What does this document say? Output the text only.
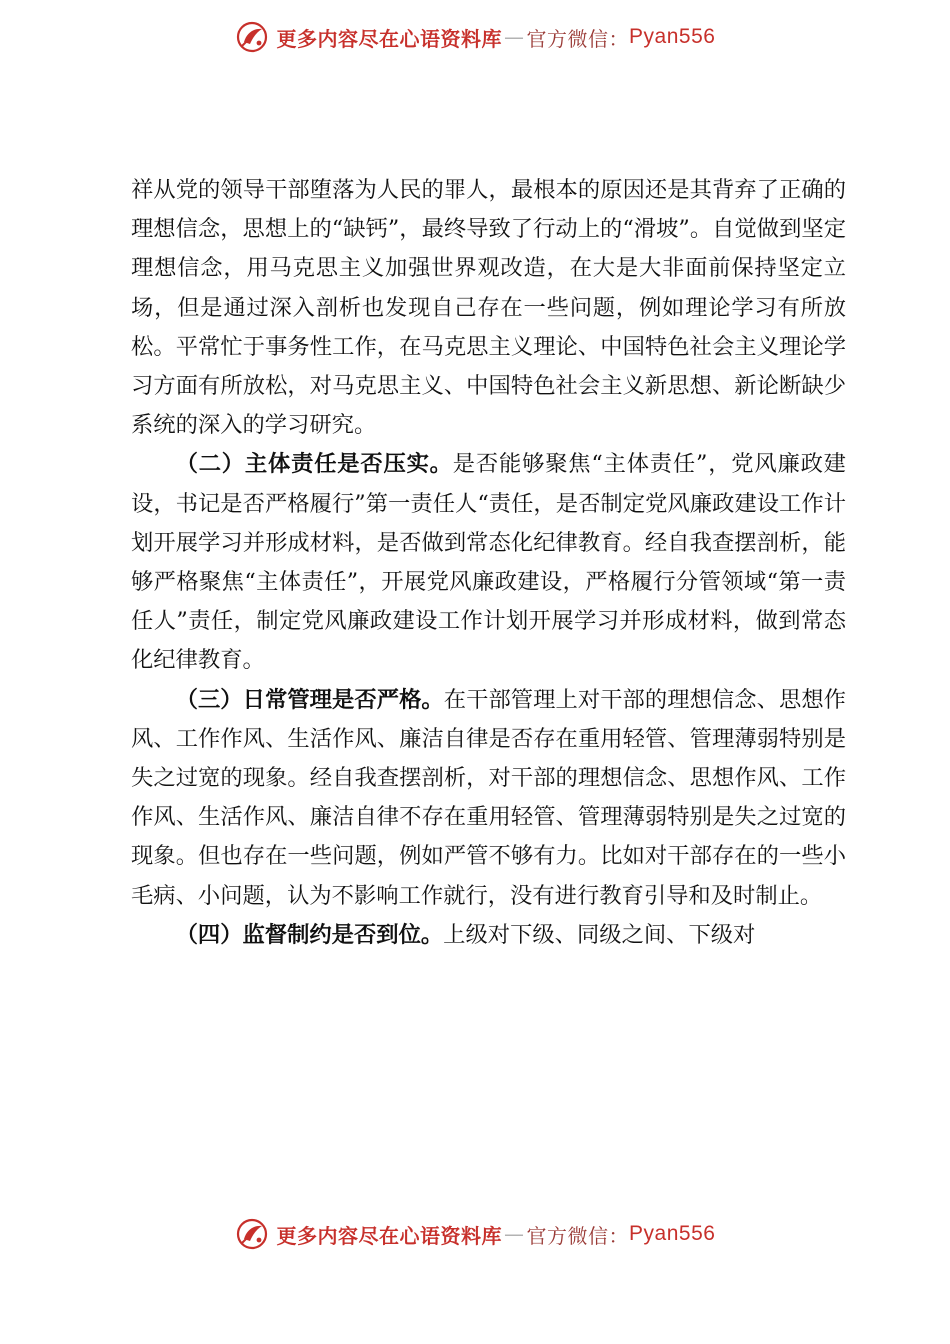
更多内容尽在心语资料库 — 官方微信： Pyan556

祥从党的领导干部堕落为人民的罪人，最根本的原因还是其背弃了正确的理想信念，思想上的“缺钙”，最终导致了行动上的“滑坡”。自觉做到坚定理想信念，用马克思主义加强世界观改造，在大是大非面前保持坚定立场，但是通过深入剖析也发现自己存在一些问题，例如理论学习有所放松。平常忙于事务性工作，在马克思主义理论、中国特色社会主义理论学习方面有所放松，对马克思主义、中国特色社会主义新思想、新论断缺少系统的深入的学习研究。

（二）主体责任是否压实。是否能够聚焦“主体责任”，党风廉政建设，书记是否严格履行”第一责任人“责任，是否制定党风廉政建设工作计划开展学习并形成材料，是否做到常态化纪律教育。经自我查摆剖析，能够严格聚焦“主体责任”，开展党风廉政建设，严格履行分管领域“第一责任人”责任，制定党风廉政建设工作计划开展学习并形成材料，做到常态化纪律教育。

（三）日常管理是否严格。在干部管理上对干部的理想信念、思想作风、工作作风、生活作风、廉洁自律是否存在重用轻管、管理薄弱特别是失之过宽的现象。经自我查摆剖析，对干部的理想信念、思想作风、工作作风、生活作风、廉洁自律不存在重用轻管、管理薄弱特别是失之过宽的现象。但也存在一些问题，例如严管不够有力。比如对干部存在的一些小毛病、小问题，认为不影响工作就行，没有进行教育引导和及时制止。

（四）监督制约是否到位。上级对下级、同级之间、下级对

更多内容尽在心语资料库 — 官方微信： Pyan556
